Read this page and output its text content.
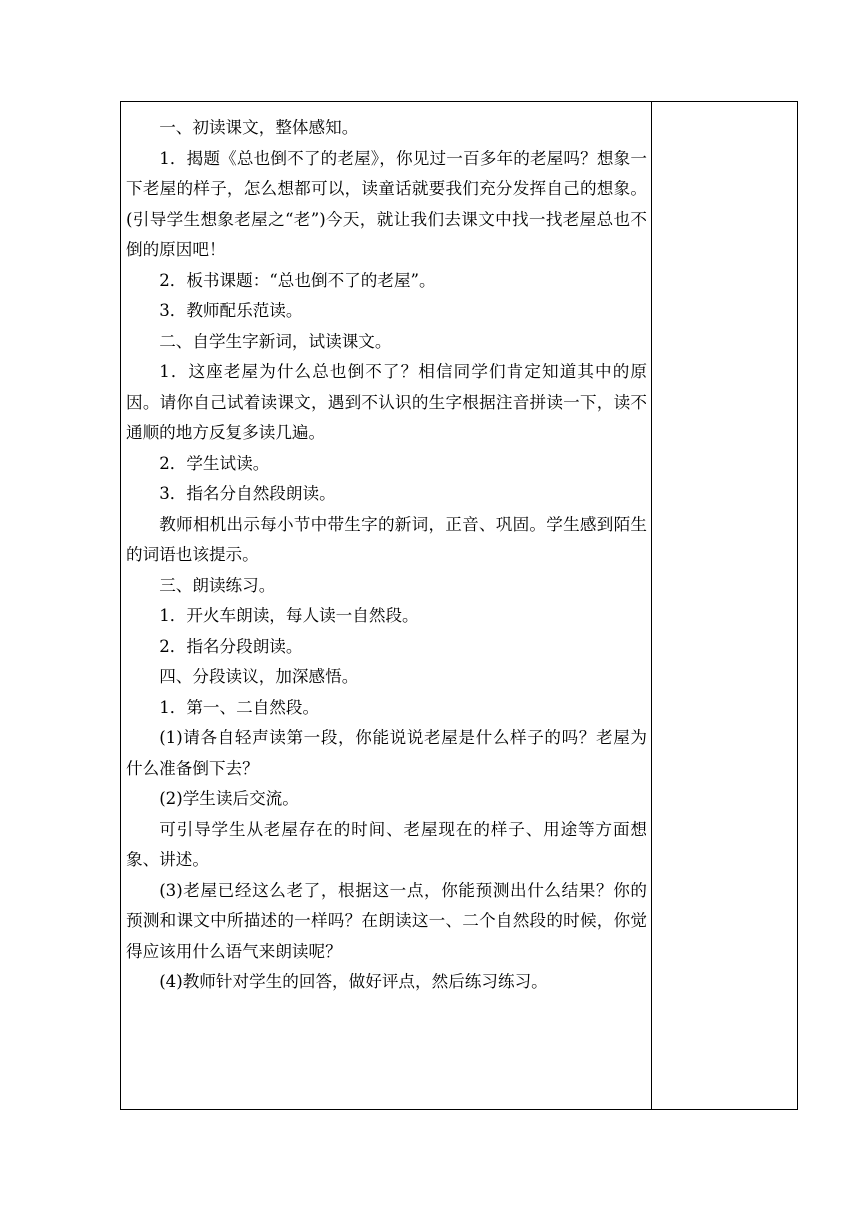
一、初读课文，整体感知。

1．揭题《总也倒不了的老屋》，你见过一百多年的老屋吗？想象一下老屋的样子，怎么想都可以，读童话就要我们充分发挥自己的想象。(引导学生想象老屋之“老”)今天，就让我们去课文中找一找老屋总也不倒的原因吧！

2．板书课题：“总也倒不了的老屋”。

3．教师配乐范读。

二、自学生字新词，试读课文。

1．这座老屋为什么总也倒不了？相信同学们肯定知道其中的原因。请你自己试着读课文，遇到不认识的生字根据注音拼读一下，读不通顺的地方反复多读几遍。

2．学生试读。

3．指名分自然段朗读。

教师相机出示每小节中带生字的新词，正音、巩固。学生感到陌生的词语也该提示。

三、朗读练习。

1．开火车朗读，每人读一自然段。

2．指名分段朗读。

四、分段读议，加深感悟。

1．第一、二自然段。

(1)请各自轻声读第一段，你能说说老屋是什么样子的吗？老屋为什么准备倒下去？

(2)学生读后交流。

可引导学生从老屋存在的时间、老屋现在的样子、用途等方面想象、讲述。

(3)老屋已经这么老了，根据这一点，你能预测出什么结果？你的预测和课文中所描述的一样吗？在朗读这一、二个自然段的时候，你觉得应该用什么语气来朗读呢？

(4)教师针对学生的回答，做好评点，然后练习练习。
